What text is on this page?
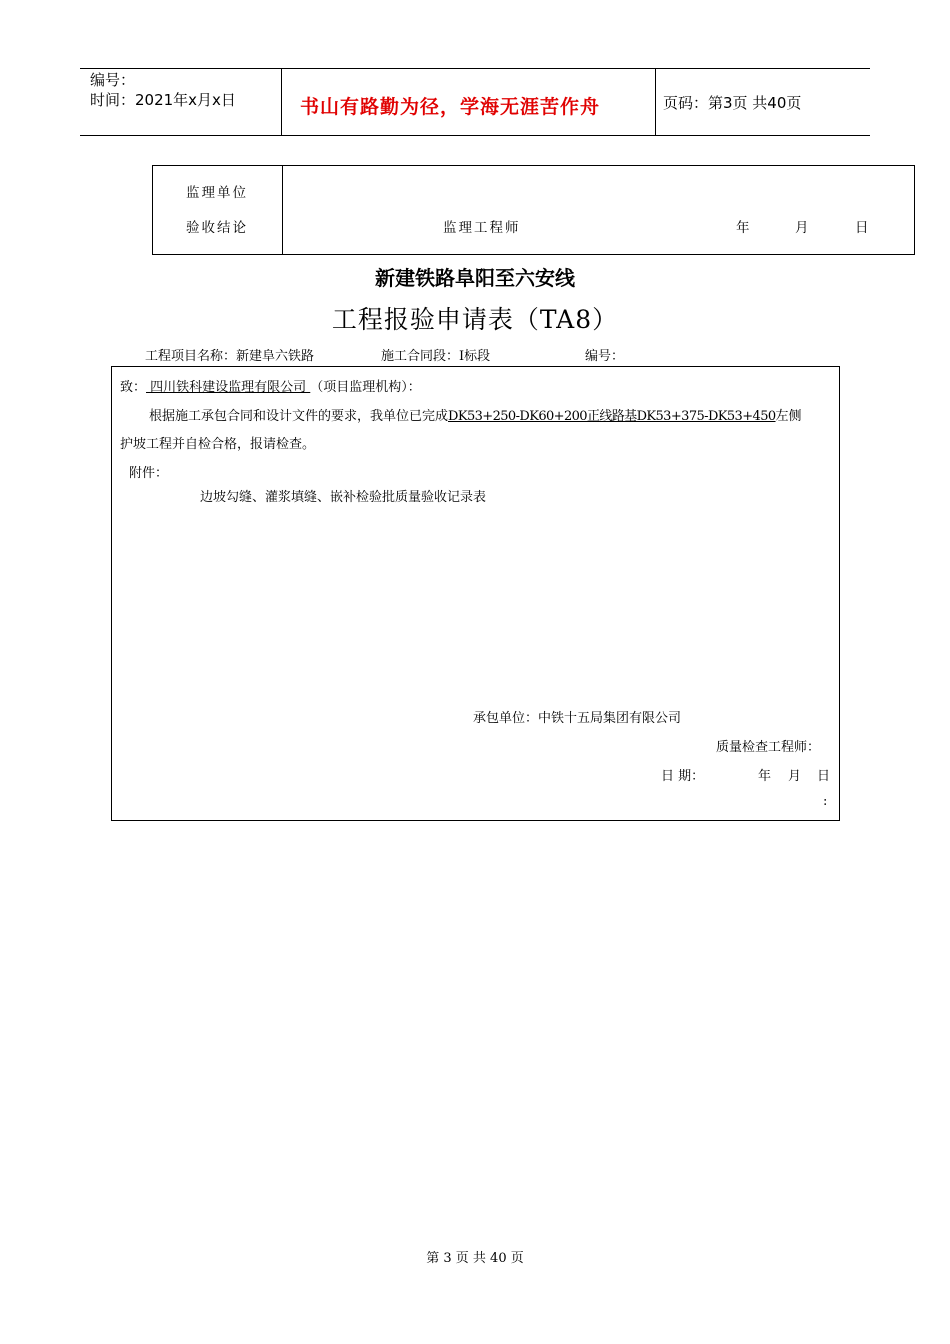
编号：
时间：2021年x月x日	书山有路勤为径，学海无涯苦作舟	页码：第3页 共40页
监理单位
验收结论	监理工程师	年	月	日
新建铁路阜阳至六安线
工程报验申请表（TA8）
工程项目名称：新建阜六铁路	施工合同段：Ⅰ标段	编号：
致： 四川铁科建设监理有限公司 （项目监理机构）：
根据施工承包合同和设计文件的要求，我单位已完成DK53+250-DK60+200正线路基DK53+375-DK53+450左侧
护坡工程并自检合格，报请检查。
附件：
边坡勾缝、灌浆填缝、嵌补检验批质量验收记录表
承包单位：中铁十五局集团有限公司
质量检查工程师：
日 期：	年 月 日
:
第 3 页 共 40 页
